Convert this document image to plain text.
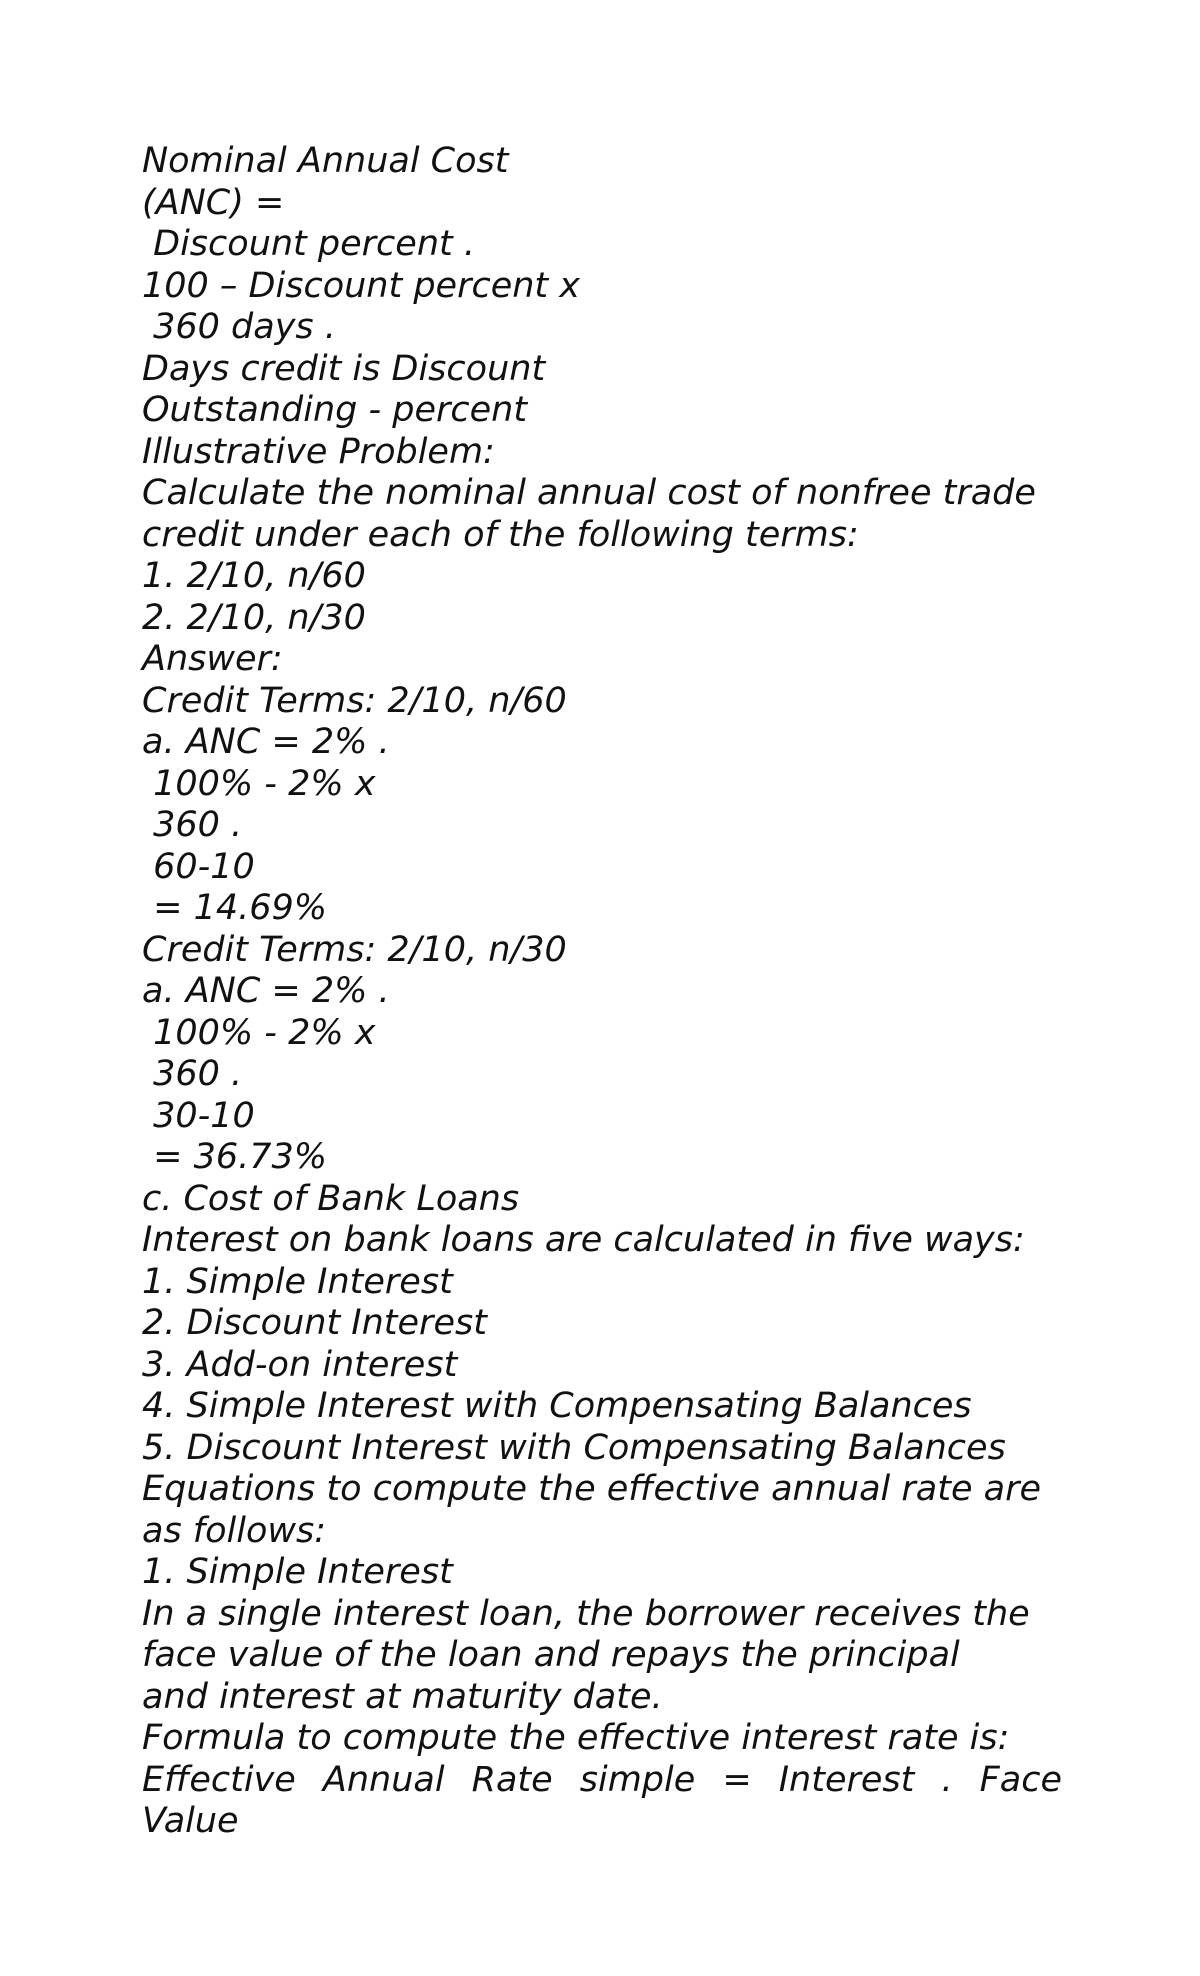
Nominal Annual Cost
(ANC) =
Discount percent .
100 – Discount percent x
360 days .
Days credit is Discount
Outstanding - percent
Illustrative Problem:
Calculate the nominal annual cost of nonfree trade
credit under each of the following terms:
1. 2/10, n/60
2. 2/10, n/30
Answer:
Credit Terms: 2/10, n/60
a. ANC = 2% .
100% - 2% x
360 .
60-10
= 14.69%
Credit Terms: 2/10, n/30
a. ANC = 2% .
100% - 2% x
360 .
30-10
= 36.73%
c. Cost of Bank Loans
Interest on bank loans are calculated in five ways:
1. Simple Interest
2. Discount Interest
3. Add-on interest
4. Simple Interest with Compensating Balances
5. Discount Interest with Compensating Balances
Equations to compute the effective annual rate are
as follows:
1. Simple Interest
In a single interest loan, the borrower receives the
face value of the loan and repays the principal
and interest at maturity date.
Formula to compute the effective interest rate is:
Effective Annual Rate simple = Interest . Face
Value
